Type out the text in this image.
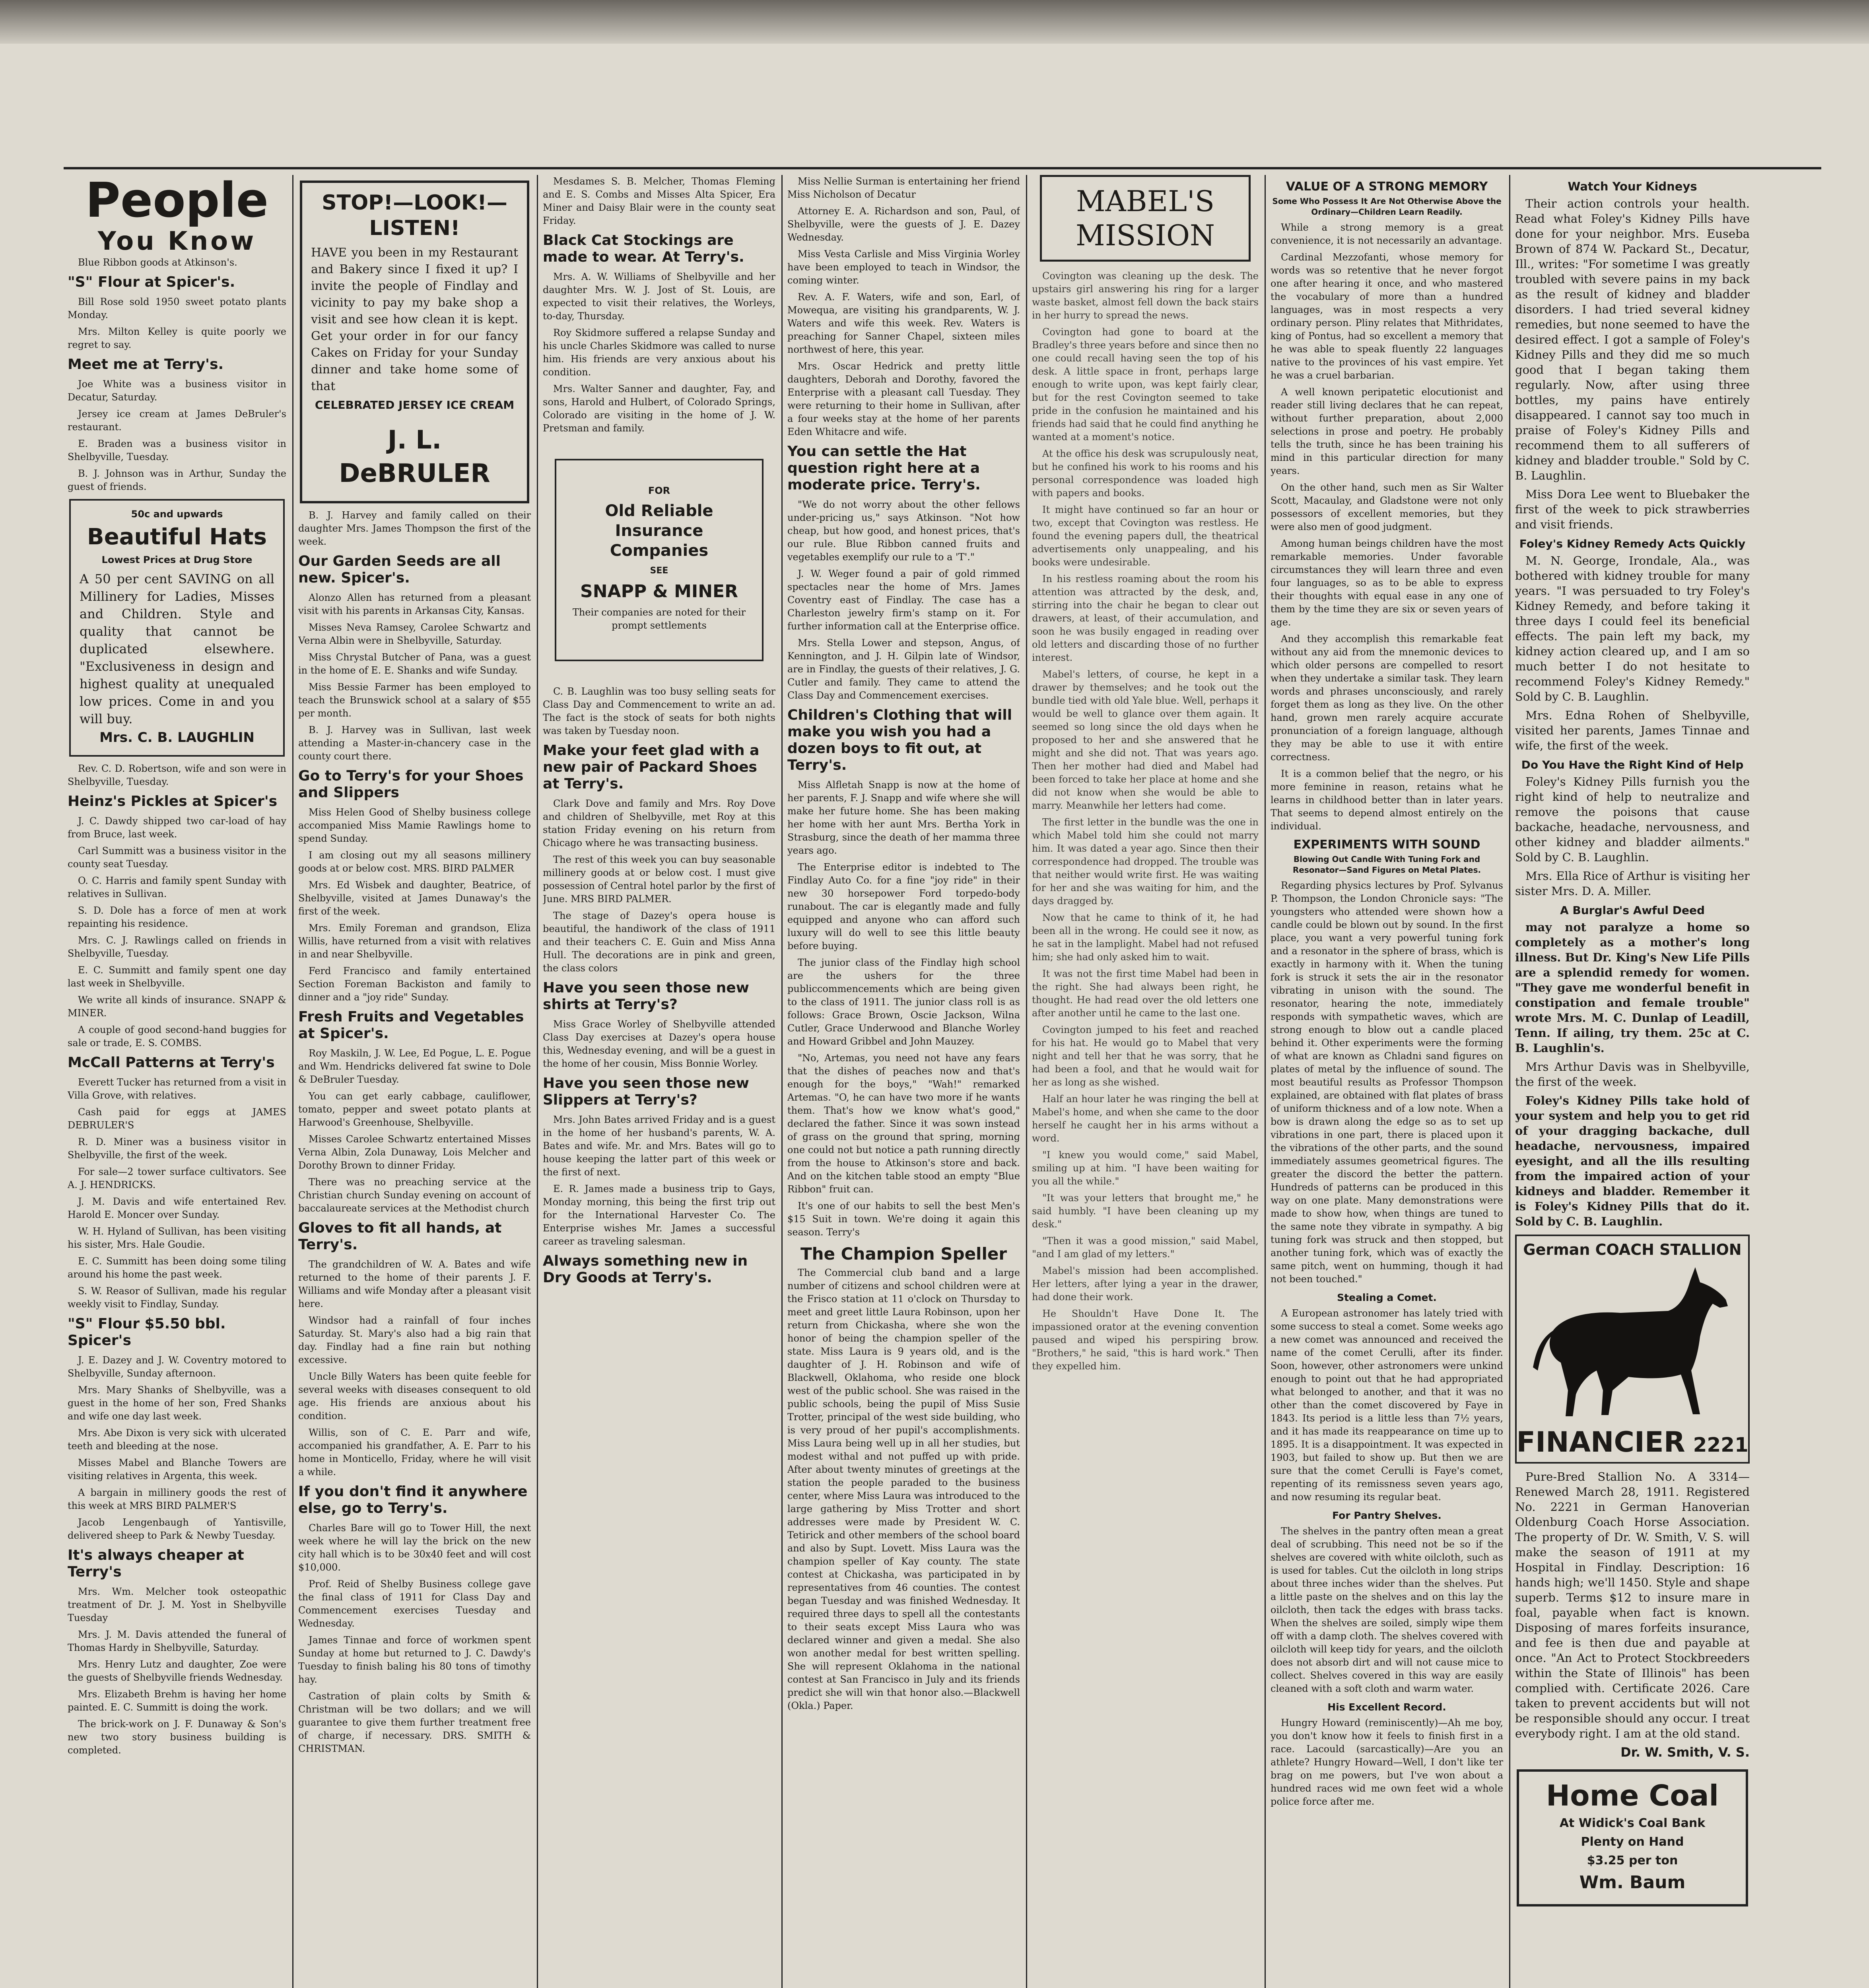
People
You Know

Blue Ribbon goods at Atkinson's.

"S" Flour at Spicer's.

Bill Rose sold 1950 sweet potato plants Monday.

Mrs. Milton Kelley is quite poorly we regret to say.

Meet me at Terry's.

Joe White was a business visitor in Decatur, Saturday.

Jersey ice cream at James DeBruler's restaurant.

E. Braden was a business visitor in Shelbyville, Tuesday.

B. J. Johnson was in Arthur, Sunday the guest of friends.

50c and upwards

Beautiful Hats

Lowest Prices at Drug Store

A 50 per cent SAVING on all Millinery for Ladies, Misses and Children. Style and quality that cannot be duplicated elsewhere. "Exclusiveness in design and highest quality at unequaled low prices. Come in and you will buy.

Mrs. C. B. LAUGHLIN

Rev. C. D. Robertson, wife and son were in Shelbyville, Tuesday.

Heinz's Pickles at Spicer's

J. C. Dawdy shipped two car-load of hay from Bruce, last week.

Carl Summitt was a business visitor in the county seat Tuesday.

O. C. Harris and family spent Sunday with relatives in Sullivan.

S. D. Dole has a force of men at work repainting his residence.

Mrs. C. J. Rawlings called on friends in Shelbyville, Tuesday.

E. C. Summitt and family spent one day last week in Shelbyville.

We write all kinds of insurance. SNAPP & MINER.

A couple of good second-hand buggies for sale or trade, E. S. COMBS.

McCall Patterns at Terry's

Everett Tucker has returned from a visit in Villa Grove, with relatives.

Cash paid for eggs at JAMES DEBRULER'S

R. D. Miner was a business visitor in Shelbyville, the first of the week.

For sale—2 tower surface cultivators. See A. J. HENDRICKS.

J. M. Davis and wife entertained Rev. Harold E. Moncer over Sunday.

W. H. Hyland of Sullivan, has been visiting his sister, Mrs. Hale Goudie.

E. C. Summitt has been doing some tiling around his home the past week.

S. W. Reasor of Sullivan, made his regular weekly visit to Findlay, Sunday.

"S" Flour $5.50 bbl. Spicer's

J. E. Dazey and J. W. Coventry motored to Shelbyville, Sunday afternoon.

Mrs. Mary Shanks of Shelbyville, was a guest in the home of her son, Fred Shanks and wife one day last week.

Mrs. Abe Dixon is very sick with ulcerated teeth and bleeding at the nose.

Misses Mabel and Blanche Towers are visiting relatives in Argenta, this week.

A bargain in millinery goods the rest of this week at MRS BIRD PALMER'S

Jacob Lengenbaugh of Yantisville, delivered sheep to Park & Newby Tuesday.

It's always cheaper at Terry's

Mrs. Wm. Melcher took osteopathic treatment of Dr. J. M. Yost in Shelbyville Tuesday

Mrs. J. M. Davis attended the funeral of Thomas Hardy in Shelbyville, Saturday.

Mrs. Henry Lutz and daughter, Zoe were the guests of Shelbyville friends Wednesday.

Mrs. Elizabeth Brehm is having her home painted. E. C. Summitt is doing the work.

The brick-work on J. F. Dunaway & Son's new two story business building is completed.

STOP!—LOOK!—LISTEN!

HAVE you been in my Restaurant and Bakery since I fixed it up? I invite the people of Findlay and vicinity to pay my bake shop a visit and see how clean it is kept. Get your order in for our fancy Cakes on Friday for your Sunday dinner and take home some of that

CELEBRATED JERSEY ICE CREAM

J. L. DeBRULER

B. J. Harvey and family called on their daughter Mrs. James Thompson the first of the week.

Our Garden Seeds are all new. Spicer's.

Alonzo Allen has returned from a pleasant visit with his parents in Arkansas City, Kansas.

Misses Neva Ramsey, Carolee Schwartz and Verna Albin were in Shelbyville, Saturday.

Miss Chrystal Butcher of Pana, was a guest in the home of E. E. Shanks and wife Sunday.

Miss Bessie Farmer has been employed to teach the Brunswick school at a salary of $55 per month.

B. J. Harvey was in Sullivan, last week attending a Master-in-chancery case in the county court there.

Go to Terry's for your Shoes and Slippers

Miss Helen Good of Shelby business college accompanied Miss Mamie Rawlings home to spend Sunday.

I am closing out my all seasons millinery goods at or below cost. MRS. BIRD PALMER

Mrs. Ed Wisbek and daughter, Beatrice, of Shelbyville, visited at James Dunaway's the first of the week.

Mrs. Emily Foreman and grandson, Eliza Willis, have returned from a visit with relatives in and near Shelbyville.

Ferd Francisco and family entertained Section Foreman Backiston and family to dinner and a "joy ride" Sunday.

Fresh Fruits and Vegetables at Spicer's.

Roy Maskiln, J. W. Lee, Ed Pogue, L. E. Pogue and Wm. Hendricks delivered fat swine to Dole & DeBruler Tuesday.

You can get early cabbage, cauliflower, tomato, pepper and sweet potato plants at Harwood's Greenhouse, Shelbyville.

Misses Carolee Schwartz entertained Misses Verna Albin, Zola Dunaway, Lois Melcher and Dorothy Brown to dinner Friday.

There was no preaching service at the Christian church Sunday evening on account of baccalaureate services at the Methodist church

Gloves to fit all hands, at Terry's.

The grandchildren of W. A. Bates and wife returned to the home of their parents J. F. Williams and wife Monday after a pleasant visit here.

Windsor had a rainfall of four inches Saturday. St. Mary's also had a big rain that day. Findlay had a fine rain but nothing excessive.

Uncle Billy Waters has been quite feeble for several weeks with diseases consequent to old age. His friends are anxious about his condition.

Willis, son of C. E. Parr and wife, accompanied his grandfather, A. E. Parr to his home in Monticello, Friday, where he will visit a while.

If you don't find it anywhere else, go to Terry's.

Charles Bare will go to Tower Hill, the next week where he will lay the brick on the new city hall which is to be 30x40 feet and will cost $10,000.

Prof. Reid of Shelby Business college gave the final class of 1911 for Class Day and Commencement exercises Tuesday and Wednesday.

James Tinnae and force of workmen spent Sunday at home but returned to J. C. Dawdy's Tuesday to finish baling his 80 tons of timothy hay.

Castration of plain colts by Smith & Christman will be two dollars; and we will guarantee to give them further treatment free of charge, if necessary. DRS. SMITH & CHRISTMAN.

Mesdames S. B. Melcher, Thomas Fleming and E. S. Combs and Misses Alta Spicer, Era Miner and Daisy Blair were in the county seat Friday.

Black Cat Stockings are made to wear. At Terry's.

Mrs. A. W. Williams of Shelbyville and her daughter Mrs. W. J. Jost of St. Louis, are expected to visit their relatives, the Worleys, to-day, Thursday.

Roy Skidmore suffered a relapse Sunday and his uncle Charles Skidmore was called to nurse him. His friends are very anxious about his condition.

Mrs. Walter Sanner and daughter, Fay, and sons, Harold and Hulbert, of Colorado Springs, Colorado are visiting in the home of J. W. Pretsman and family.

FOR

Old Reliable Insurance Companies

SEE

SNAPP & MINER

Their companies are noted for their prompt settlements

C. B. Laughlin was too busy selling seats for Class Day and Commencement to write an ad. The fact is the stock of seats for both nights was taken by Tuesday noon.

Make your feet glad with a new pair of Packard Shoes at Terry's.

Clark Dove and family and Mrs. Roy Dove and children of Shelbyville, met Roy at this station Friday evening on his return from Chicago where he was transacting business.

The rest of this week you can buy seasonable millinery goods at or below cost. I must give possession of Central hotel parlor by the first of June. MRS BIRD PALMER.

The stage of Dazey's opera house is beautiful, the handiwork of the class of 1911 and their teachers C. E. Guin and Miss Anna Hull. The decorations are in pink and green, the class colors

Have you seen those new shirts at Terry's?

Miss Grace Worley of Shelbyville attended Class Day exercises at Dazey's opera house this, Wednesday evening, and will be a guest in the home of her cousin, Miss Bonnie Worley.

Have you seen those new Slippers at Terry's?

Mrs. John Bates arrived Friday and is a guest in the home of her husband's parents, W. A. Bates and wife. Mr. and Mrs. Bates will go to house keeping the latter part of this week or the first of next.

E. R. James made a business trip to Gays, Monday morning, this being the first trip out for the International Harvester Co. The Enterprise wishes Mr. James a successful career as traveling salesman.

Always something new in Dry Goods at Terry's.

Miss Nellie Surman is entertaining her friend Miss Nicholson of Decatur

Attorney E. A. Richardson and son, Paul, of Shelbyville, were the guests of J. E. Dazey Wednesday.

Miss Vesta Carlisle and Miss Virginia Worley have been employed to teach in Windsor, the coming winter.

Rev. A. F. Waters, wife and son, Earl, of Mowequa, are visiting his grandparents, W. J. Waters and wife this week. Rev. Waters is preaching for Sanner Chapel, sixteen miles northwest of here, this year.

Mrs. Oscar Hedrick and pretty little daughters, Deborah and Dorothy, favored the Enterprise with a pleasant call Tuesday. They were returning to their home in Sullivan, after a four weeks stay at the home of her parents Eden Whitacre and wife.

You can settle the Hat question right here at a moderate price. Terry's.

"We do not worry about the other fellows under-pricing us," says Atkinson. "Not how cheap, but how good, and honest prices, that's our rule. Blue Ribbon canned fruits and vegetables exemplify our rule to a 'T'."

J. W. Weger found a pair of gold rimmed spectacles near the home of Mrs. James Coventry east of Findlay. The case has a Charleston jewelry firm's stamp on it. For further information call at the Enterprise office.

Mrs. Stella Lower and stepson, Angus, of Kennington, and J. H. Gilpin late of Windsor, are in Findlay, the guests of their relatives, J. G. Cutler and family. They came to attend the Class Day and Commencement exercises.

Children's Clothing that will make you wish you had a dozen boys to fit out, at Terry's.

Miss Alfletah Snapp is now at the home of her parents, F. J. Snapp and wife where she will make her future home. She has been making her home with her aunt Mrs. Bertha York in Strasburg, since the death of her mamma three years ago.

The Enterprise editor is indebted to The Findlay Auto Co. for a fine "joy ride" in their new 30 horsepower Ford torpedo-body runabout. The car is elegantly made and fully equipped and anyone who can afford such luxury will do well to see this little beauty before buying.

The junior class of the Findlay high school are the ushers for the three publiccommencements which are being given to the class of 1911. The junior class roll is as follows: Grace Brown, Oscie Jackson, Wilna Cutler, Grace Underwood and Blanche Worley and Howard Gribbel and John Mauzey.

"No, Artemas, you need not have any fears that the dishes of peaches now and that's enough for the boys," "Wah!" remarked Artemas. "O, he can have two more if he wants them. That's how we know what's good," declared the father. Since it was sown instead of grass on the ground that spring, morning one could not but notice a path running directly from the house to Atkinson's store and back. And on the kitchen table stood an empty "Blue Ribbon" fruit can.

It's one of our habits to sell the best Men's $15 Suit in town. We're doing it again this season. Terry's

The Champion Speller

The Commercial club band and a large number of citizens and school children were at the Frisco station at 11 o'clock on Thursday to meet and greet little Laura Robinson, upon her return from Chickasha, where she won the honor of being the champion speller of the state. Miss Laura is 9 years old, and is the daughter of J. H. Robinson and wife of Blackwell, Oklahoma, who reside one block west of the public school. She was raised in the public schools, being the pupil of Miss Susie Trotter, principal of the west side building, who is very proud of her pupil's accomplishments. Miss Laura being well up in all her studies, but modest withal and not puffed up with pride. After about twenty minutes of greetings at the station the people paraded to the business center, where Miss Laura was introduced to the large gathering by Miss Trotter and short addresses were made by President W. C. Tetirick and other members of the school board and also by Supt. Lovett. Miss Laura was the champion speller of Kay county. The state contest at Chickasha, was participated in by representatives from 46 counties. The contest began Tuesday and was finished Wednesday. It required three days to spell all the contestants to their seats except Miss Laura who was declared winner and given a medal. She also won another medal for best written spelling. She will represent Oklahoma in the national contest at San Francisco in July and its friends predict she will win that honor also.—Blackwell (Okla.) Paper.

MABEL'S MISSION

Covington was cleaning up the desk. The upstairs girl answering his ring for a larger waste basket, almost fell down the back stairs in her hurry to spread the news.

Covington had gone to board at the Bradley's three years before and since then no one could recall having seen the top of his desk. A little space in front, perhaps large enough to write upon, was kept fairly clear, but for the rest Covington seemed to take pride in the confusion he maintained and his friends had said that he could find anything he wanted at a moment's notice.

At the office his desk was scrupulously neat, but he confined his work to his rooms and his personal correspondence was loaded high with papers and books.

It might have continued so far an hour or two, except that Covington was restless. He found the evening papers dull, the theatrical advertisements only unappealing, and his books were undesirable.

In his restless roaming about the room his attention was attracted by the desk, and, stirring into the chair he began to clear out drawers, at least, of their accumulation, and soon he was busily engaged in reading over old letters and discarding those of no further interest.

Mabel's letters, of course, he kept in a drawer by themselves; and he took out the bundle tied with old Yale blue. Well, perhaps it would be well to glance over them again. It seemed so long since the old days when he proposed to her and she answered that he might and she did not. That was years ago. Then her mother had died and Mabel had been forced to take her place at home and she did not know when she would be able to marry. Meanwhile her letters had come.

The first letter in the bundle was the one in which Mabel told him she could not marry him. It was dated a year ago. Since then their correspondence had dropped. The trouble was that neither would write first. He was waiting for her and she was waiting for him, and the days dragged by.

Now that he came to think of it, he had been all in the wrong. He could see it now, as he sat in the lamplight. Mabel had not refused him; she had only asked him to wait.

It was not the first time Mabel had been in the right. She had always been right, he thought. He had read over the old letters one after another until he came to the last one.

Covington jumped to his feet and reached for his hat. He would go to Mabel that very night and tell her that he was sorry, that he had been a fool, and that he would wait for her as long as she wished.

Half an hour later he was ringing the bell at Mabel's home, and when she came to the door herself he caught her in his arms without a word.

"I knew you would come," said Mabel, smiling up at him. "I have been waiting for you all the while."

"It was your letters that brought me," he said humbly. "I have been cleaning up my desk."

"Then it was a good mission," said Mabel, "and I am glad of my letters."

Mabel's mission had been accomplished. Her letters, after lying a year in the drawer, had done their work.

He Shouldn't Have Done It. The impassioned orator at the evening convention paused and wiped his perspiring brow. "Brothers," he said, "this is hard work." Then they expelled him.

VALUE OF A STRONG MEMORY

Some Who Possess It Are Not Otherwise Above the Ordinary—Children Learn Readily.

While a strong memory is a great convenience, it is not necessarily an advantage.

Cardinal Mezzofanti, whose memory for words was so retentive that he never forgot one after hearing it once, and who mastered the vocabulary of more than a hundred languages, was in most respects a very ordinary person. Pliny relates that Mithridates, king of Pontus, had so excellent a memory that he was able to speak fluently 22 languages native to the provinces of his vast empire. Yet he was a cruel barbarian.

A well known peripatetic elocutionist and reader still living declares that he can repeat, without further preparation, about 2,000 selections in prose and poetry. He probably tells the truth, since he has been training his mind in this particular direction for many years.

On the other hand, such men as Sir Walter Scott, Macaulay, and Gladstone were not only possessors of excellent memories, but they were also men of good judgment.

Among human beings children have the most remarkable memories. Under favorable circumstances they will learn three and even four languages, so as to be able to express their thoughts with equal ease in any one of them by the time they are six or seven years of age.

And they accomplish this remarkable feat without any aid from the mnemonic devices to which older persons are compelled to resort when they undertake a similar task. They learn words and phrases unconsciously, and rarely forget them as long as they live. On the other hand, grown men rarely acquire accurate pronunciation of a foreign language, although they may be able to use it with entire correctness.

It is a common belief that the negro, or his more feminine in reason, retains what he learns in childhood better than in later years. That seems to depend almost entirely on the individual.

EXPERIMENTS WITH SOUND

Blowing Out Candle With Tuning Fork and Resonator—Sand Figures on Metal Plates.

Regarding physics lectures by Prof. Sylvanus P. Thompson, the London Chronicle says: "The youngsters who attended were shown how a candle could be blown out by sound. In the first place, you want a very powerful tuning fork and a resonator in the sphere of brass, which is exactly in harmony with it. When the tuning fork is struck it sets the air in the resonator vibrating in unison with the sound. The resonator, hearing the note, immediately responds with sympathetic waves, which are strong enough to blow out a candle placed behind it. Other experiments were the forming of what are known as Chladni sand figures on plates of metal by the influence of sound. The most beautiful results as Professor Thompson explained, are obtained with flat plates of brass of uniform thickness and of a low note. When a bow is drawn along the edge so as to set up vibrations in one part, there is placed upon it the vibrations of the other parts, and the sound immediately assumes geometrical figures. The greater the discord the better the pattern. Hundreds of patterns can be produced in this way on one plate. Many demonstrations were made to show how, when things are tuned to the same note they vibrate in sympathy. A big tuning fork was struck and then stopped, but another tuning fork, which was of exactly the same pitch, went on humming, though it had not been touched."

Stealing a Comet.

A European astronomer has lately tried with some success to steal a comet. Some weeks ago a new comet was announced and received the name of the comet Cerulli, after its finder. Soon, however, other astronomers were unkind enough to point out that he had appropriated what belonged to another, and that it was no other than the comet discovered by Faye in 1843. Its period is a little less than 7½ years, and it has made its reappearance on time up to 1895. It is a disappointment. It was expected in 1903, but failed to show up. But then we are sure that the comet Cerulli is Faye's comet, repenting of its remissness seven years ago, and now resuming its regular beat.

For Pantry Shelves.

The shelves in the pantry often mean a great deal of scrubbing. This need not be so if the shelves are covered with white oilcloth, such as is used for tables. Cut the oilcloth in long strips about three inches wider than the shelves. Put a little paste on the shelves and on this lay the oilcloth, then tack the edges with brass tacks. When the shelves are soiled, simply wipe them off with a damp cloth. The shelves covered with oilcloth will keep tidy for years, and the oilcloth does not absorb dirt and will not cause mice to collect. Shelves covered in this way are easily cleaned with a soft cloth and warm water.

His Excellent Record.

Hungry Howard (reminiscently)—Ah me boy, you don't know how it feels to finish first in a race. Lacould (sarcastically)—Are you an athlete? Hungry Howard—Well, I don't like ter brag on me powers, but I've won about a hundred races wid me own feet wid a whole police force after me.

Watch Your Kidneys

Their action controls your health. Read what Foley's Kidney Pills have done for your neighbor. Mrs. Euseba Brown of 874 W. Packard St., Decatur, Ill., writes: "For sometime I was greatly troubled with severe pains in my back as the result of kidney and bladder disorders. I had tried several kidney remedies, but none seemed to have the desired effect. I got a sample of Foley's Kidney Pills and they did me so much good that I began taking them regularly. Now, after using three bottles, my pains have entirely disappeared. I cannot say too much in praise of Foley's Kidney Pills and recommend them to all sufferers of kidney and bladder trouble." Sold by C. B. Laughlin.

Miss Dora Lee went to Bluebaker the first of the week to pick strawberries and visit friends.

Foley's Kidney Remedy Acts Quickly

M. N. George, Irondale, Ala., was bothered with kidney trouble for many years. "I was persuaded to try Foley's Kidney Remedy, and before taking it three days I could feel its beneficial effects. The pain left my back, my kidney action cleared up, and I am so much better I do not hesitate to recommend Foley's Kidney Remedy." Sold by C. B. Laughlin.

Mrs. Edna Rohen of Shelbyville, visited her parents, James Tinnae and wife, the first of the week.

Do You Have the Right Kind of Help

Foley's Kidney Pills furnish you the right kind of help to neutralize and remove the poisons that cause backache, headache, nervousness, and other kidney and bladder ailments." Sold by C. B. Laughlin.

Mrs. Ella Rice of Arthur is visiting her sister Mrs. D. A. Miller.

A Burglar's Awful Deed

may not paralyze a home so completely as a mother's long illness. But Dr. King's New Life Pills are a splendid remedy for women. "They gave me wonderful benefit in constipation and female trouble" wrote Mrs. M. C. Dunlap of Leadill, Tenn. If ailing, try them. 25c at C. B. Laughlin's.

Mrs Arthur Davis was in Shelbyville, the first of the week.

Foley's Kidney Pills take hold of your system and help you to get rid of your dragging backache, dull headache, nervousness, impaired eyesight, and all the ills resulting from the impaired action of your kidneys and bladder. Remember it is Foley's Kidney Pills that do it. Sold by C. B. Laughlin.

German COACH STALLION

FINANCIER 2221

Pure-Bred Stallion No. A 3314—Renewed March 28, 1911. Registered No. 2221 in German Hanoverian Oldenburg Coach Horse Association. The property of Dr. W. Smith, V. S. will make the season of 1911 at my Hospital in Findlay. Description: 16 hands high; we'll 1450. Style and shape superb. Terms $12 to insure mare in foal, payable when fact is known. Disposing of mares forfeits insurance, and fee is then due and payable at once. "An Act to Protect Stockbreeders within the State of Illinois" has been complied with. Certificate 2026. Care taken to prevent accidents but will not be responsible should any occur. I treat everybody right. I am at the old stand.

Dr. W. Smith, V. S.

Home Coal

At Widick's Coal Bank

Plenty on Hand

$3.25 per ton

Wm. Baum
